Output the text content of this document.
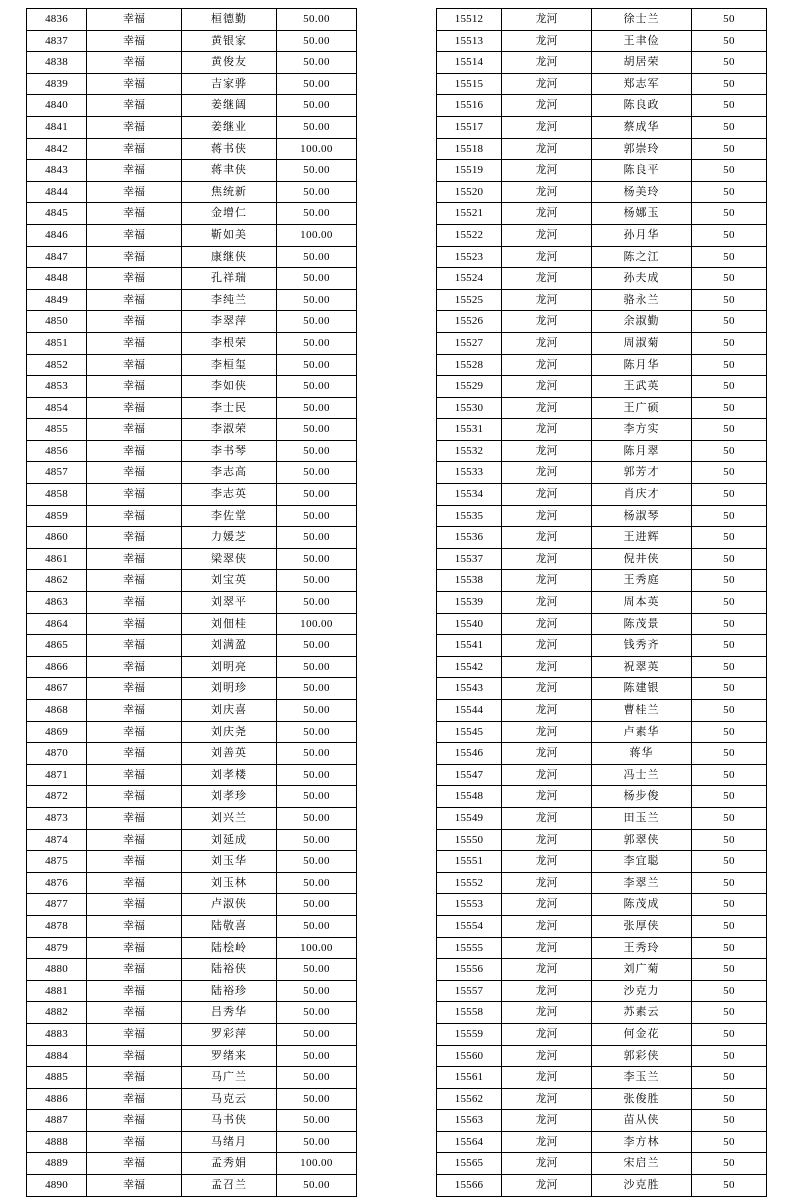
4836	幸福	桓德勤	50.00
4837	幸福	黄银家	50.00
4838	幸福	黄俊友	50.00
4839	幸福	吉家骅	50.00
4840	幸福	姜继阔	50.00
4841	幸福	姜继业	50.00
4842	幸福	蒋书侠	100.00
4843	幸福	蒋聿侠	50.00
4844	幸福	焦统新	50.00
4845	幸福	金增仁	50.00
4846	幸福	靳如美	100.00
4847	幸福	康继侠	50.00
4848	幸福	孔祥瑞	50.00
4849	幸福	李纯兰	50.00
4850	幸福	李翠萍	50.00
4851	幸福	李根荣	50.00
4852	幸福	李桓玺	50.00
4853	幸福	李如侠	50.00
4854	幸福	李士民	50.00
4855	幸福	李淑荣	50.00
4856	幸福	李书琴	50.00
4857	幸福	李志高	50.00
4858	幸福	李志英	50.00
4859	幸福	李佐堂	50.00
4860	幸福	力媛芝	50.00
4861	幸福	梁翠侠	50.00
4862	幸福	刘宝英	50.00
4863	幸福	刘翠平	50.00
4864	幸福	刘佃桂	100.00
4865	幸福	刘满盈	50.00
4866	幸福	刘明亮	50.00
4867	幸福	刘明珍	50.00
4868	幸福	刘庆喜	50.00
4869	幸福	刘庆尧	50.00
4870	幸福	刘善英	50.00
4871	幸福	刘孝楼	50.00
4872	幸福	刘孝珍	50.00
4873	幸福	刘兴兰	50.00
4874	幸福	刘延成	50.00
4875	幸福	刘玉华	50.00
4876	幸福	刘玉林	50.00
4877	幸福	卢淑侠	50.00
4878	幸福	陆敬喜	50.00
4879	幸福	陆桧岭	100.00
4880	幸福	陆裕侠	50.00
4881	幸福	陆裕珍	50.00
4882	幸福	吕秀华	50.00
4883	幸福	罗彩萍	50.00
4884	幸福	罗绪来	50.00
4885	幸福	马广兰	50.00
4886	幸福	马克云	50.00
4887	幸福	马书侠	50.00
4888	幸福	马绪月	50.00
4889	幸福	孟秀娟	100.00
4890	幸福	孟召兰	50.00
15512	龙河	徐士兰	50
15513	龙河	王聿俭	50
15514	龙河	胡居荣	50
15515	龙河	郑志军	50
15516	龙河	陈良政	50
15517	龙河	蔡成华	50
15518	龙河	郭崇玲	50
15519	龙河	陈良平	50
15520	龙河	杨美玲	50
15521	龙河	杨娜玉	50
15522	龙河	孙月华	50
15523	龙河	陈之江	50
15524	龙河	孙夫成	50
15525	龙河	骆永兰	50
15526	龙河	余淑勤	50
15527	龙河	周淑菊	50
15528	龙河	陈月华	50
15529	龙河	王武英	50
15530	龙河	王广硕	50
15531	龙河	李方实	50
15532	龙河	陈月翠	50
15533	龙河	郭芳才	50
15534	龙河	肖庆才	50
15535	龙河	杨淑琴	50
15536	龙河	王进辉	50
15537	龙河	倪井侠	50
15538	龙河	王秀庭	50
15539	龙河	周本英	50
15540	龙河	陈茂景	50
15541	龙河	钱秀齐	50
15542	龙河	祝翠英	50
15543	龙河	陈建银	50
15544	龙河	曹桂兰	50
15545	龙河	卢素华	50
15546	龙河	蒋华	50
15547	龙河	冯士兰	50
15548	龙河	杨步俊	50
15549	龙河	田玉兰	50
15550	龙河	郭翠侠	50
15551	龙河	李宜聪	50
15552	龙河	李翠兰	50
15553	龙河	陈茂成	50
15554	龙河	张厚侠	50
15555	龙河	王秀玲	50
15556	龙河	刘广菊	50
15557	龙河	沙克力	50
15558	龙河	苏素云	50
15559	龙河	何金花	50
15560	龙河	郭彩侠	50
15561	龙河	李玉兰	50
15562	龙河	张俊胜	50
15563	龙河	苗从侠	50
15564	龙河	李方林	50
15565	龙河	宋启兰	50
15566	龙河	沙克胜	50
